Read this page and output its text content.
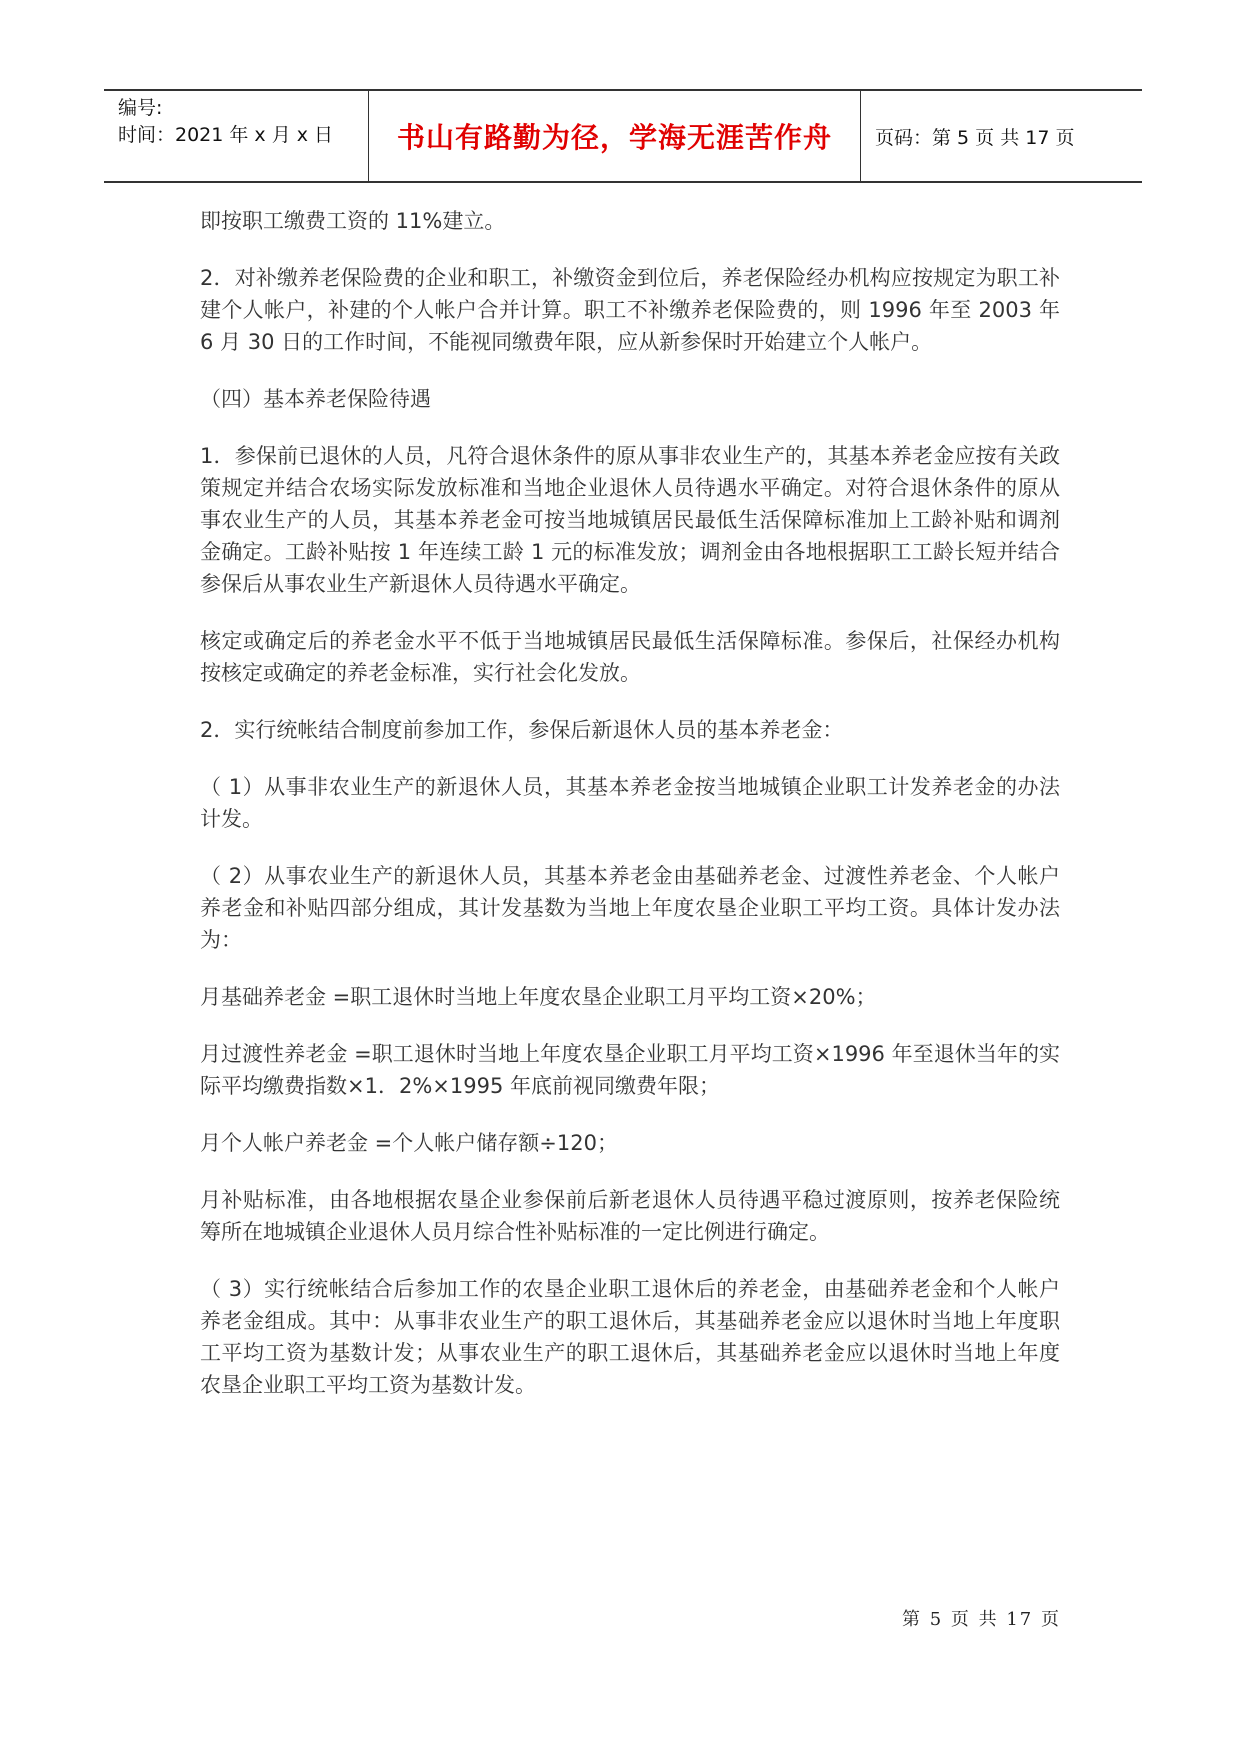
编号:
时间：2021 年 x 月 x 日	书山有路勤为径，学海无涯苦作舟	页码：第 5 页 共 17 页

即按职工缴费工资的 11%建立。

2．对补缴养老保险费的企业和职工，补缴资金到位后，养老保险经办机构应按规定为职工补建个人帐户，补建的个人帐户合并计算。职工不补缴养老保险费的，则 1996 年至 2003 年 6 月 30 日的工作时间，不能视同缴费年限，应从新参保时开始建立个人帐户。

（四）基本养老保险待遇

1．参保前已退休的人员，凡符合退休条件的原从事非农业生产的，其基本养老金应按有关政策规定并结合农场实际发放标准和当地企业退休人员待遇水平确定。对符合退休条件的原从事农业生产的人员，其基本养老金可按当地城镇居民最低生活保障标准加上工龄补贴和调剂金确定。工龄补贴按 1 年连续工龄 1 元的标准发放；调剂金由各地根据职工工龄长短并结合参保后从事农业生产新退休人员待遇水平确定。

核定或确定后的养老金水平不低于当地城镇居民最低生活保障标准。参保后，社保经办机构按核定或确定的养老金标准，实行社会化发放。

2．实行统帐结合制度前参加工作，参保后新退休人员的基本养老金：

（ 1）从事非农业生产的新退休人员，其基本养老金按当地城镇企业职工计发养老金的办法计发。

（ 2）从事农业生产的新退休人员，其基本养老金由基础养老金、过渡性养老金、个人帐户养老金和补贴四部分组成，其计发基数为当地上年度农垦企业职工平均工资。具体计发办法为：

月基础养老金 =职工退休时当地上年度农垦企业职工月平均工资×20%；

月过渡性养老金 =职工退休时当地上年度农垦企业职工月平均工资×1996 年至退休当年的实际平均缴费指数×1．2%×1995 年底前视同缴费年限；

月个人帐户养老金 =个人帐户储存额÷120；

月补贴标准，由各地根据农垦企业参保前后新老退休人员待遇平稳过渡原则，按养老保险统筹所在地城镇企业退休人员月综合性补贴标准的一定比例进行确定。

（ 3）实行统帐结合后参加工作的农垦企业职工退休后的养老金，由基础养老金和个人帐户养老金组成。其中：从事非农业生产的职工退休后，其基础养老金应以退休时当地上年度职工平均工资为基数计发；从事农业生产的职工退休后，其基础养老金应以退休时当地上年度农垦企业职工平均工资为基数计发。

第 5 页 共 17 页
